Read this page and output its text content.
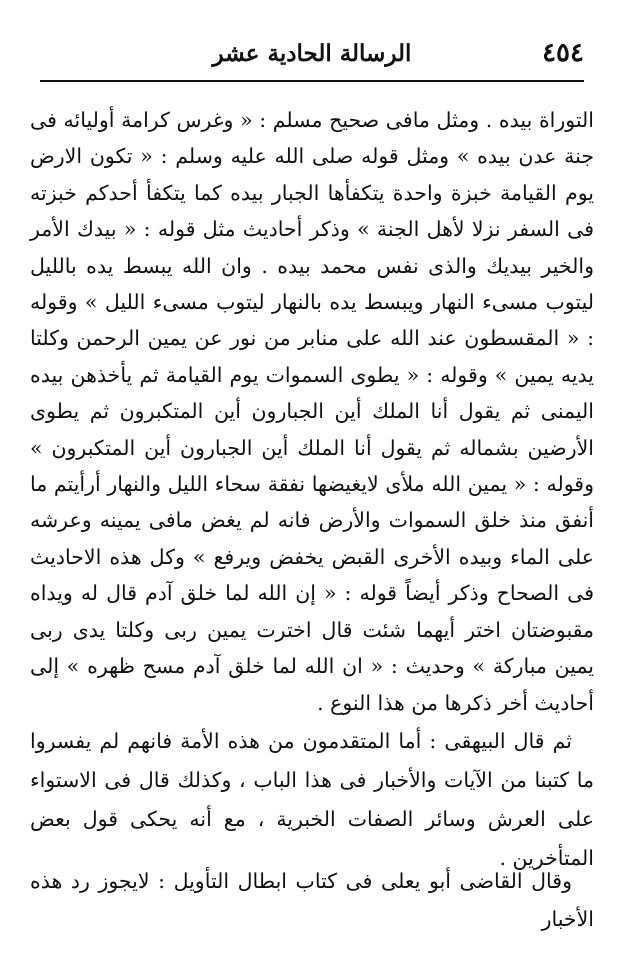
٤٥٤
الرسالة الحادية عشر
التوراة بيده . ومثل مافى صحيح مسلم : « وغرس كرامة أوليائه فى جنة عدن بيده » ومثل قوله صلى الله عليه وسلم : « تكون الارض يوم القيامة خبزة واحدة يتكفأها الجبار بيده كما يتكفأ أحدكم خبزته فى السفر نزلا لأهل الجنة » وذكر أحاديث مثل قوله : « بيدك الأمر والخير بيديك والذى نفس محمد بيده . وان الله يبسط يده بالليل ليتوب مسىء النهار ويبسط يده بالنهار ليتوب مسىء الليل » وقوله : « المقسطون عند الله على منابر من نور عن يمين الرحمن وكلتا يديه يمين » وقوله : « يطوى السموات يوم القيامة ثم يأخذهن بيده اليمنى ثم يقول أنا الملك أين الجبارون أين المتكبرون ثم يطوى الأرضين بشماله ثم يقول أنا الملك أين الجبارون أين المتكبرون » وقوله : « يمين الله ملأى لايغيضها نفقة سحاء الليل والنهار أرأيتم ما أنفق منذ خلق السموات والأرض فانه لم يغض مافى يمينه وعرشه على الماء وبيده الأخرى القبض يخفض ويرفع » وكل هذه الاحاديث فى الصحاح وذكر أيضاً قوله : « إن الله لما خلق آدم قال له ويداه مقبوضتان اختر أيهما شئت قال اخترت يمين ربى وكلتا يدى ربى يمين مباركة » وحديث : « ان الله لما خلق آدم مسح ظهره » إلى أحاديث أخر ذكرها من هذا النوع .
ثم قال البيهقى : أما المتقدمون من هذه الأمة فانهم لم يفسروا ما كتبنا من الآيات والأخبار فى هذا الباب ، وكذلك قال فى الاستواء على العرش وسائر الصفات الخبرية ، مع أنه يحكى قول بعض المتأخرين .
وقال القاضى أبو يعلى فى كتاب ابطال التأويل : لايجوز رد هذه الأخبار
